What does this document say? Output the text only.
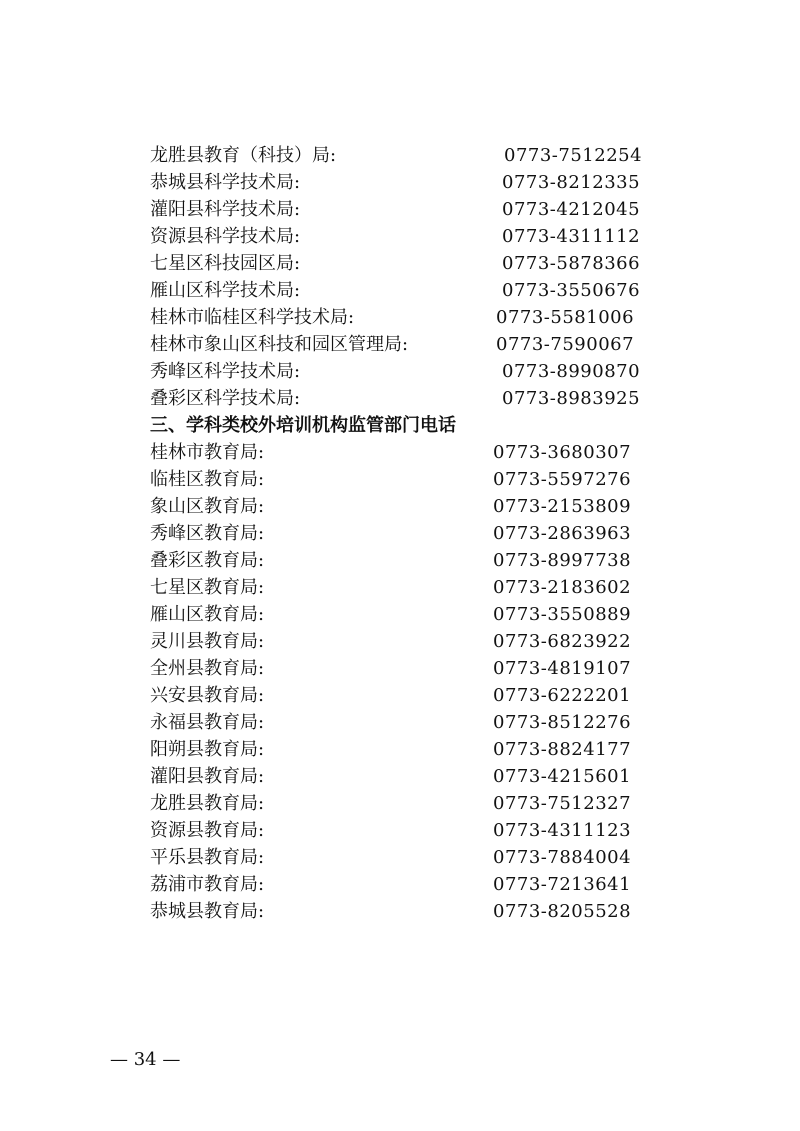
龙胜县教育（科技）局:	0773-7512254
恭城县科学技术局:	0773-8212335
灌阳县科学技术局:	0773-4212045
资源县科学技术局:	0773-4311112
七星区科技园区局:	0773-5878366
雁山区科学技术局:	0773-3550676
桂林市临桂区科学技术局:	0773-5581006
桂林市象山区科技和园区管理局:	0773-7590067
秀峰区科学技术局:	0773-8990870
叠彩区科学技术局:	0773-8983925
三、学科类校外培训机构监管部门电话
桂林市教育局:	0773-3680307
临桂区教育局:	0773-5597276
象山区教育局:	0773-2153809
秀峰区教育局:	0773-2863963
叠彩区教育局:	0773-8997738
七星区教育局:	0773-2183602
雁山区教育局:	0773-3550889
灵川县教育局:	0773-6823922
全州县教育局:	0773-4819107
兴安县教育局:	0773-6222201
永福县教育局:	0773-8512276
阳朔县教育局:	0773-8824177
灌阳县教育局:	0773-4215601
龙胜县教育局:	0773-7512327
资源县教育局:	0773-4311123
平乐县教育局:	0773-7884004
荔浦市教育局:	0773-7213641
恭城县教育局:	0773-8205528
— 34 —
